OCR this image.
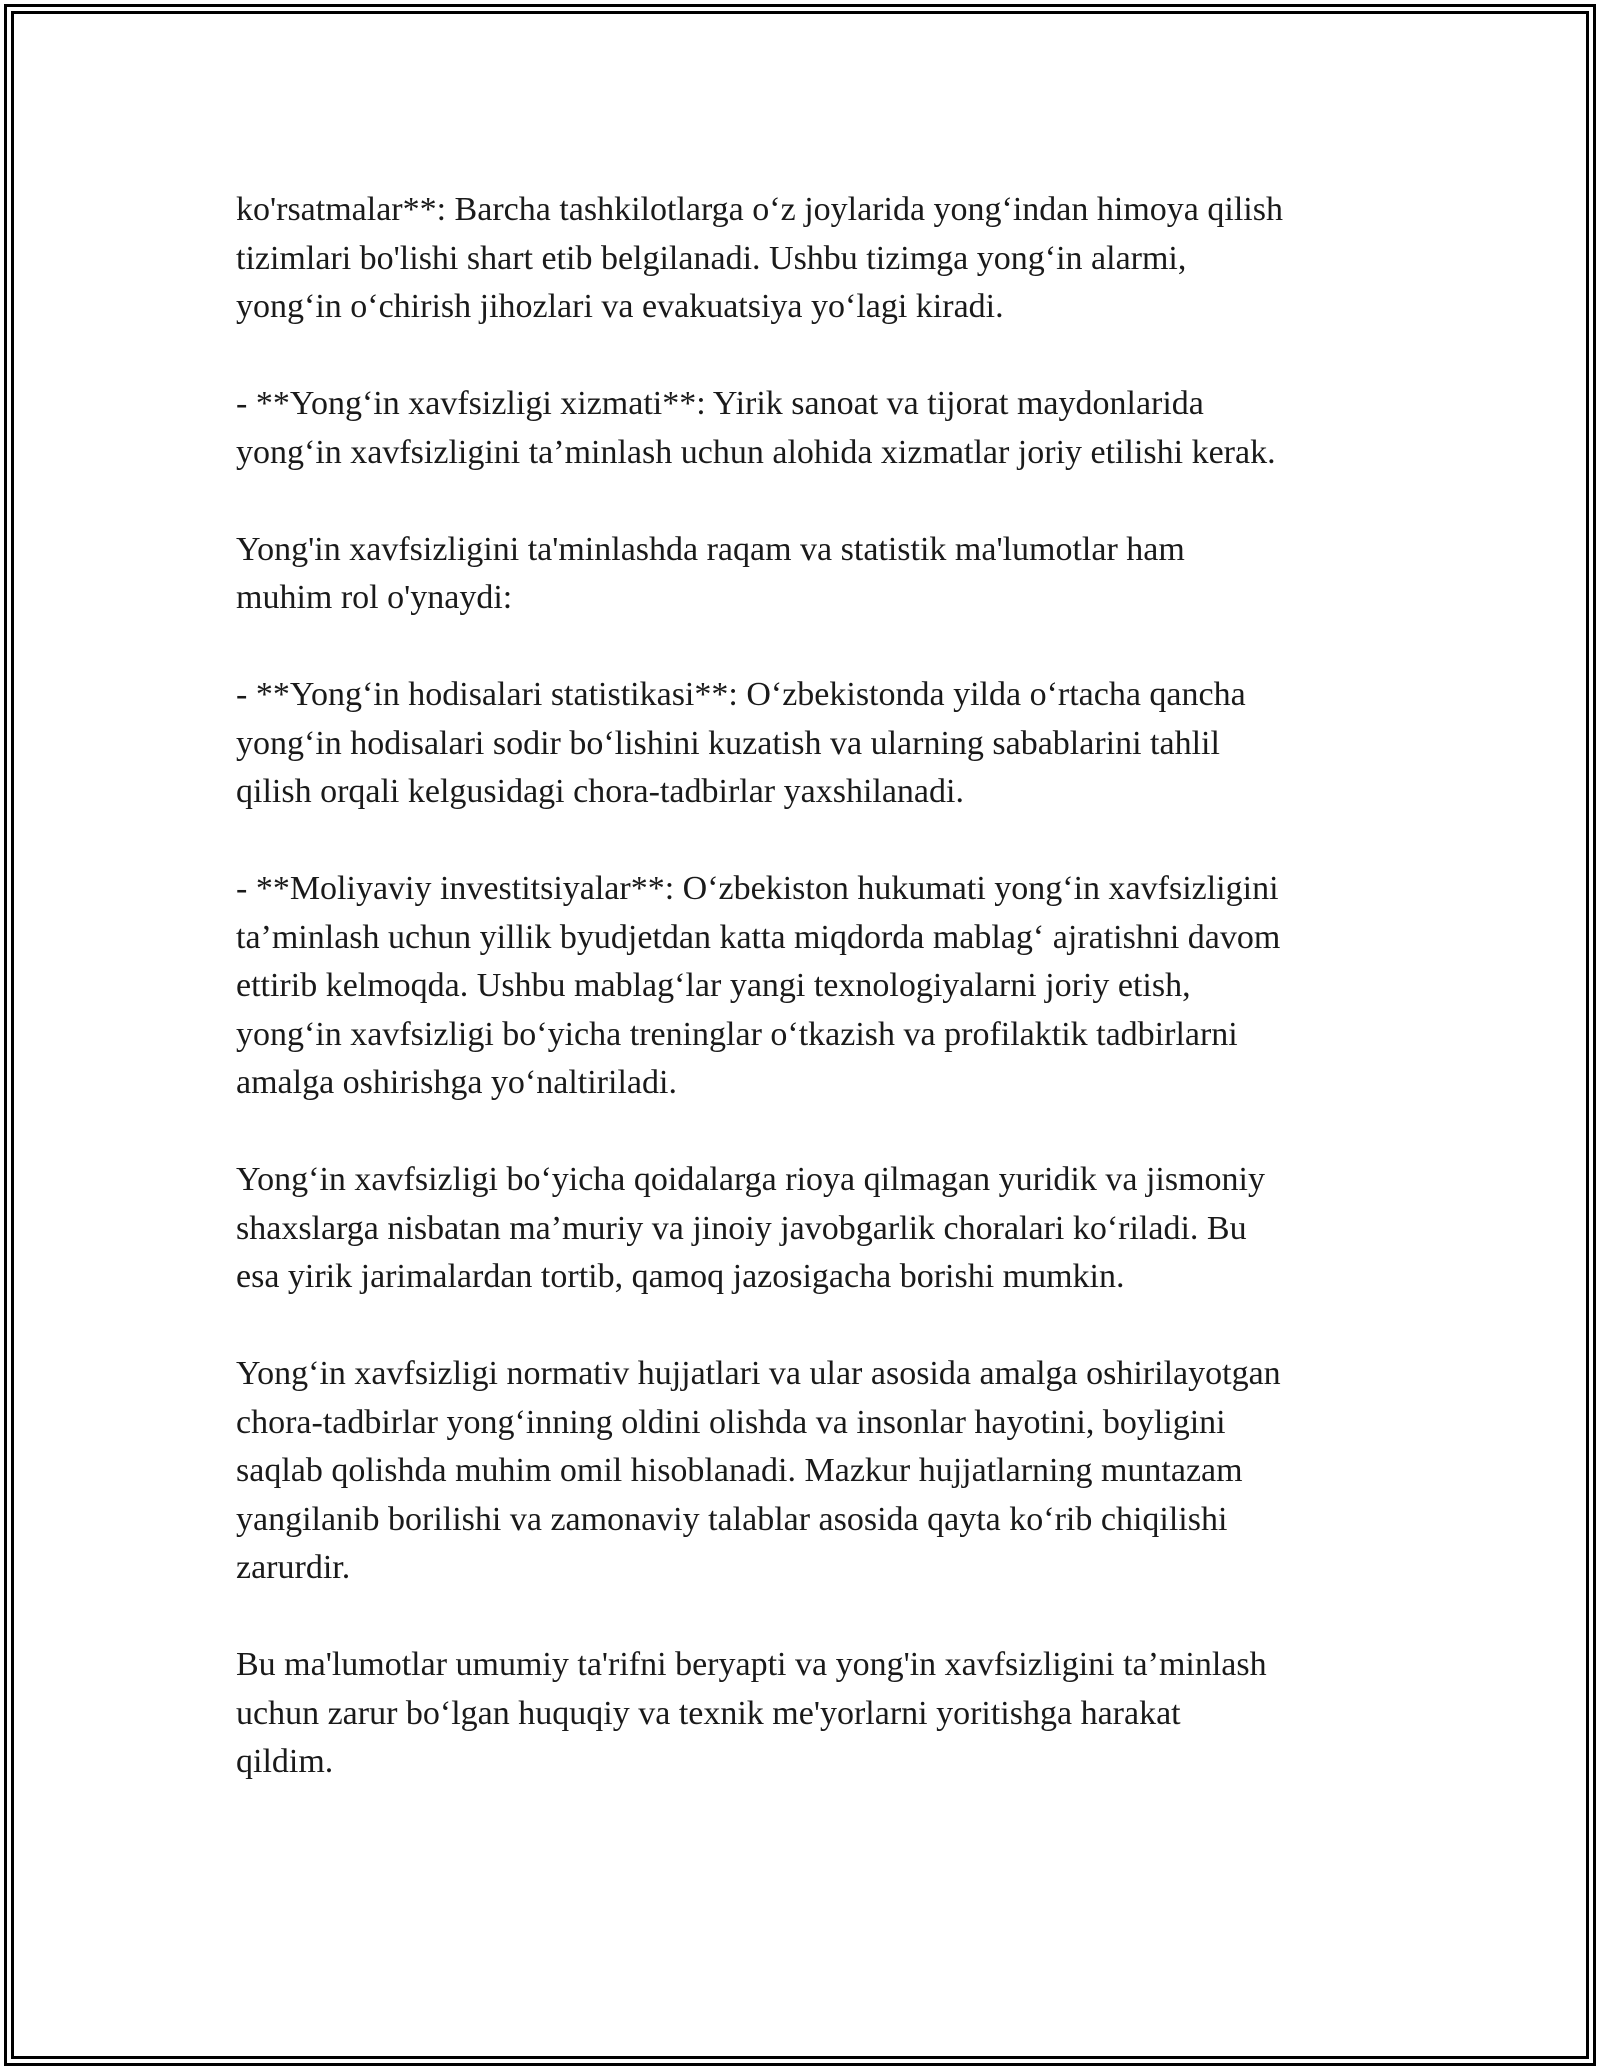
ko'rsatmalar**: Barcha tashkilotlarga o‘z joylarida yong‘indan himoya qilish
tizimlari bo'lishi shart etib belgilanadi. Ushbu tizimga yong‘in alarmi,
yong‘in o‘chirish jihozlari va evakuatsiya yo‘lagi kiradi.

- **Yong‘in xavfsizligi xizmati**: Yirik sanoat va tijorat maydonlarida
yong‘in xavfsizligini ta’minlash uchun alohida xizmatlar joriy etilishi kerak.

Yong'in xavfsizligini ta'minlashda raqam va statistik ma'lumotlar ham
muhim rol o'ynaydi:

- **Yong‘in hodisalari statistikasi**: O‘zbekistonda yilda o‘rtacha qancha
yong‘in hodisalari sodir bo‘lishini kuzatish va ularning sabablarini tahlil
qilish orqali kelgusidagi chora-tadbirlar yaxshilanadi.

- **Moliyaviy investitsiyalar**: O‘zbekiston hukumati yong‘in xavfsizligini
ta’minlash uchun yillik byudjetdan katta miqdorda mablag‘ ajratishni davom
ettirib kelmoqda. Ushbu mablag‘lar yangi texnologiyalarni joriy etish,
yong‘in xavfsizligi bo‘yicha treninglar o‘tkazish va profilaktik tadbirlarni
amalga oshirishga yo‘naltiriladi.

Yong‘in xavfsizligi bo‘yicha qoidalarga rioya qilmagan yuridik va jismoniy
shaxslarga nisbatan ma’muriy va jinoiy javobgarlik choralari ko‘riladi. Bu
esa yirik jarimalardan tortib, qamoq jazosigacha borishi mumkin.

Yong‘in xavfsizligi normativ hujjatlari va ular asosida amalga oshirilayotgan
chora-tadbirlar yong‘inning oldini olishda va insonlar hayotini, boyligini
saqlab qolishda muhim omil hisoblanadi. Mazkur hujjatlarning muntazam
yangilanib borilishi va zamonaviy talablar asosida qayta ko‘rib chiqilishi
zarurdir.

Bu ma'lumotlar umumiy ta'rifni beryapti va yong'in xavfsizligini ta’minlash
uchun zarur bo‘lgan huquqiy va texnik me'yorlarni yoritishga harakat
qildim.
